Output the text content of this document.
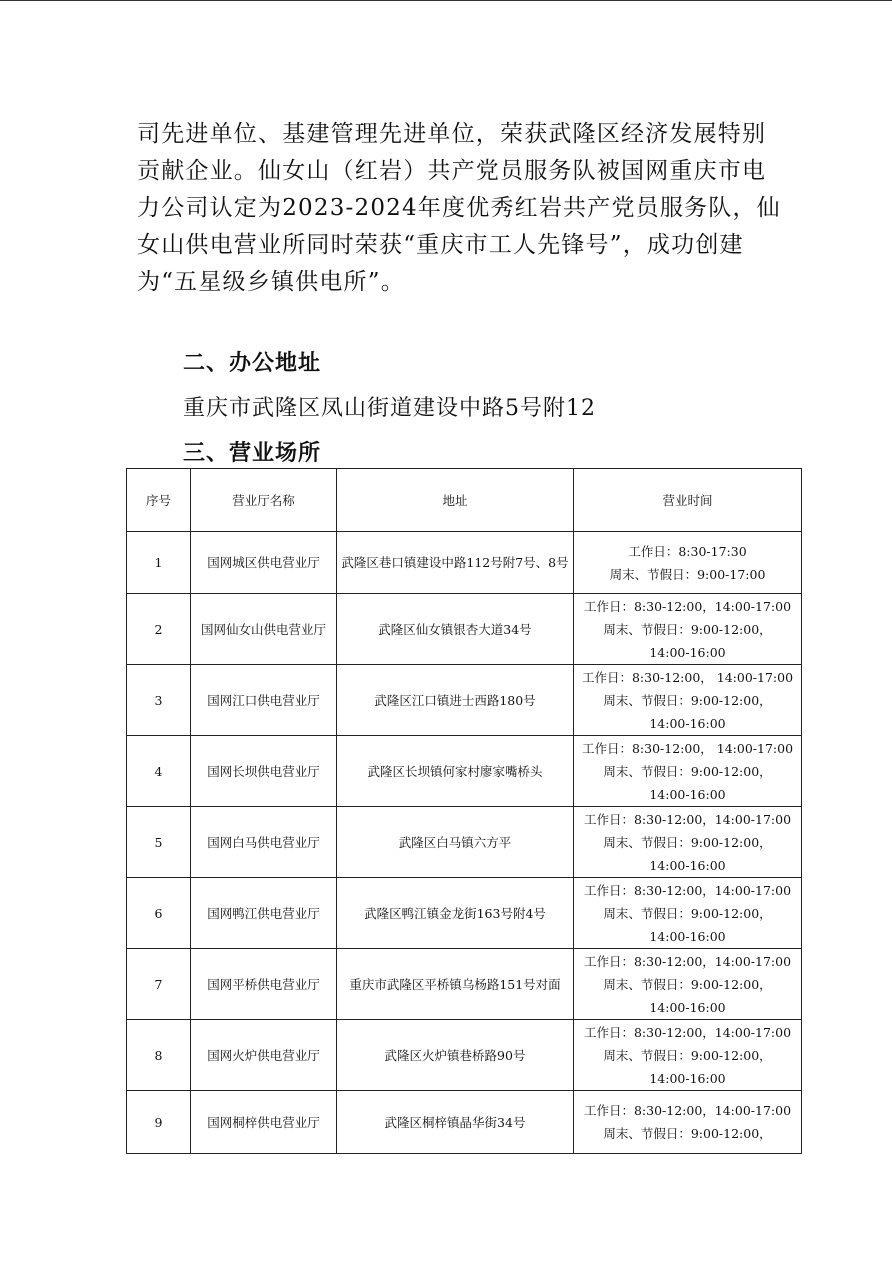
司先进单位、基建管理先进单位，荣获武隆区经济发展特别
贡献企业。仙女山（红岩）共产党员服务队被国网重庆市电
力公司认定为2023-2024年度优秀红岩共产党员服务队，仙
女山供电营业所同时荣获“重庆市工人先锋号”，成功创建
为“五星级乡镇供电所”。
二、办公地址
重庆市武隆区凤山街道建设中路5号附12
三、营业场所
序号	营业厅名称	地址	营业时间
1	国网城区供电营业厅	武隆区巷口镇建设中路112号附7号、8号	工作日：8:30-17:30
周末、节假日：9:00-17:00

2	国网仙女山供电营业厅	武隆区仙女镇银杏大道34号	工作日：8:30-12:00，14:00-17:00
周末、节假日：9:00-12:00，
14:00-16:00

3	国网江口供电营业厅	武隆区江口镇进士西路180号	工作日：8:30-12:00， 14:00-17:00
周末、节假日：9:00-12:00，
14:00-16:00

4	国网长坝供电营业厅	武隆区长坝镇何家村廖家嘴桥头	工作日：8:30-12:00， 14:00-17:00
周末、节假日：9:00-12:00，
14:00-16:00

5	国网白马供电营业厅	武隆区白马镇六方平	工作日：8:30-12:00，14:00-17:00
周末、节假日：9:00-12:00，
14:00-16:00

6	国网鸭江供电营业厅	武隆区鸭江镇金龙街163号附4号	工作日：8:30-12:00，14:00-17:00
周末、节假日：9:00-12:00，
14:00-16:00

7	国网平桥供电营业厅	重庆市武隆区平桥镇乌杨路151号对面	工作日：8:30-12:00，14:00-17:00
周末、节假日：9:00-12:00，
14:00-16:00

8	国网火炉供电营业厅	武隆区火炉镇巷桥路90号	工作日：8:30-12:00，14:00-17:00
周末、节假日：9:00-12:00，
14:00-16:00

9	国网桐梓供电营业厅	武隆区桐梓镇晶华街34号	工作日：8:30-12:00，14:00-17:00
周末、节假日：9:00-12:00，
